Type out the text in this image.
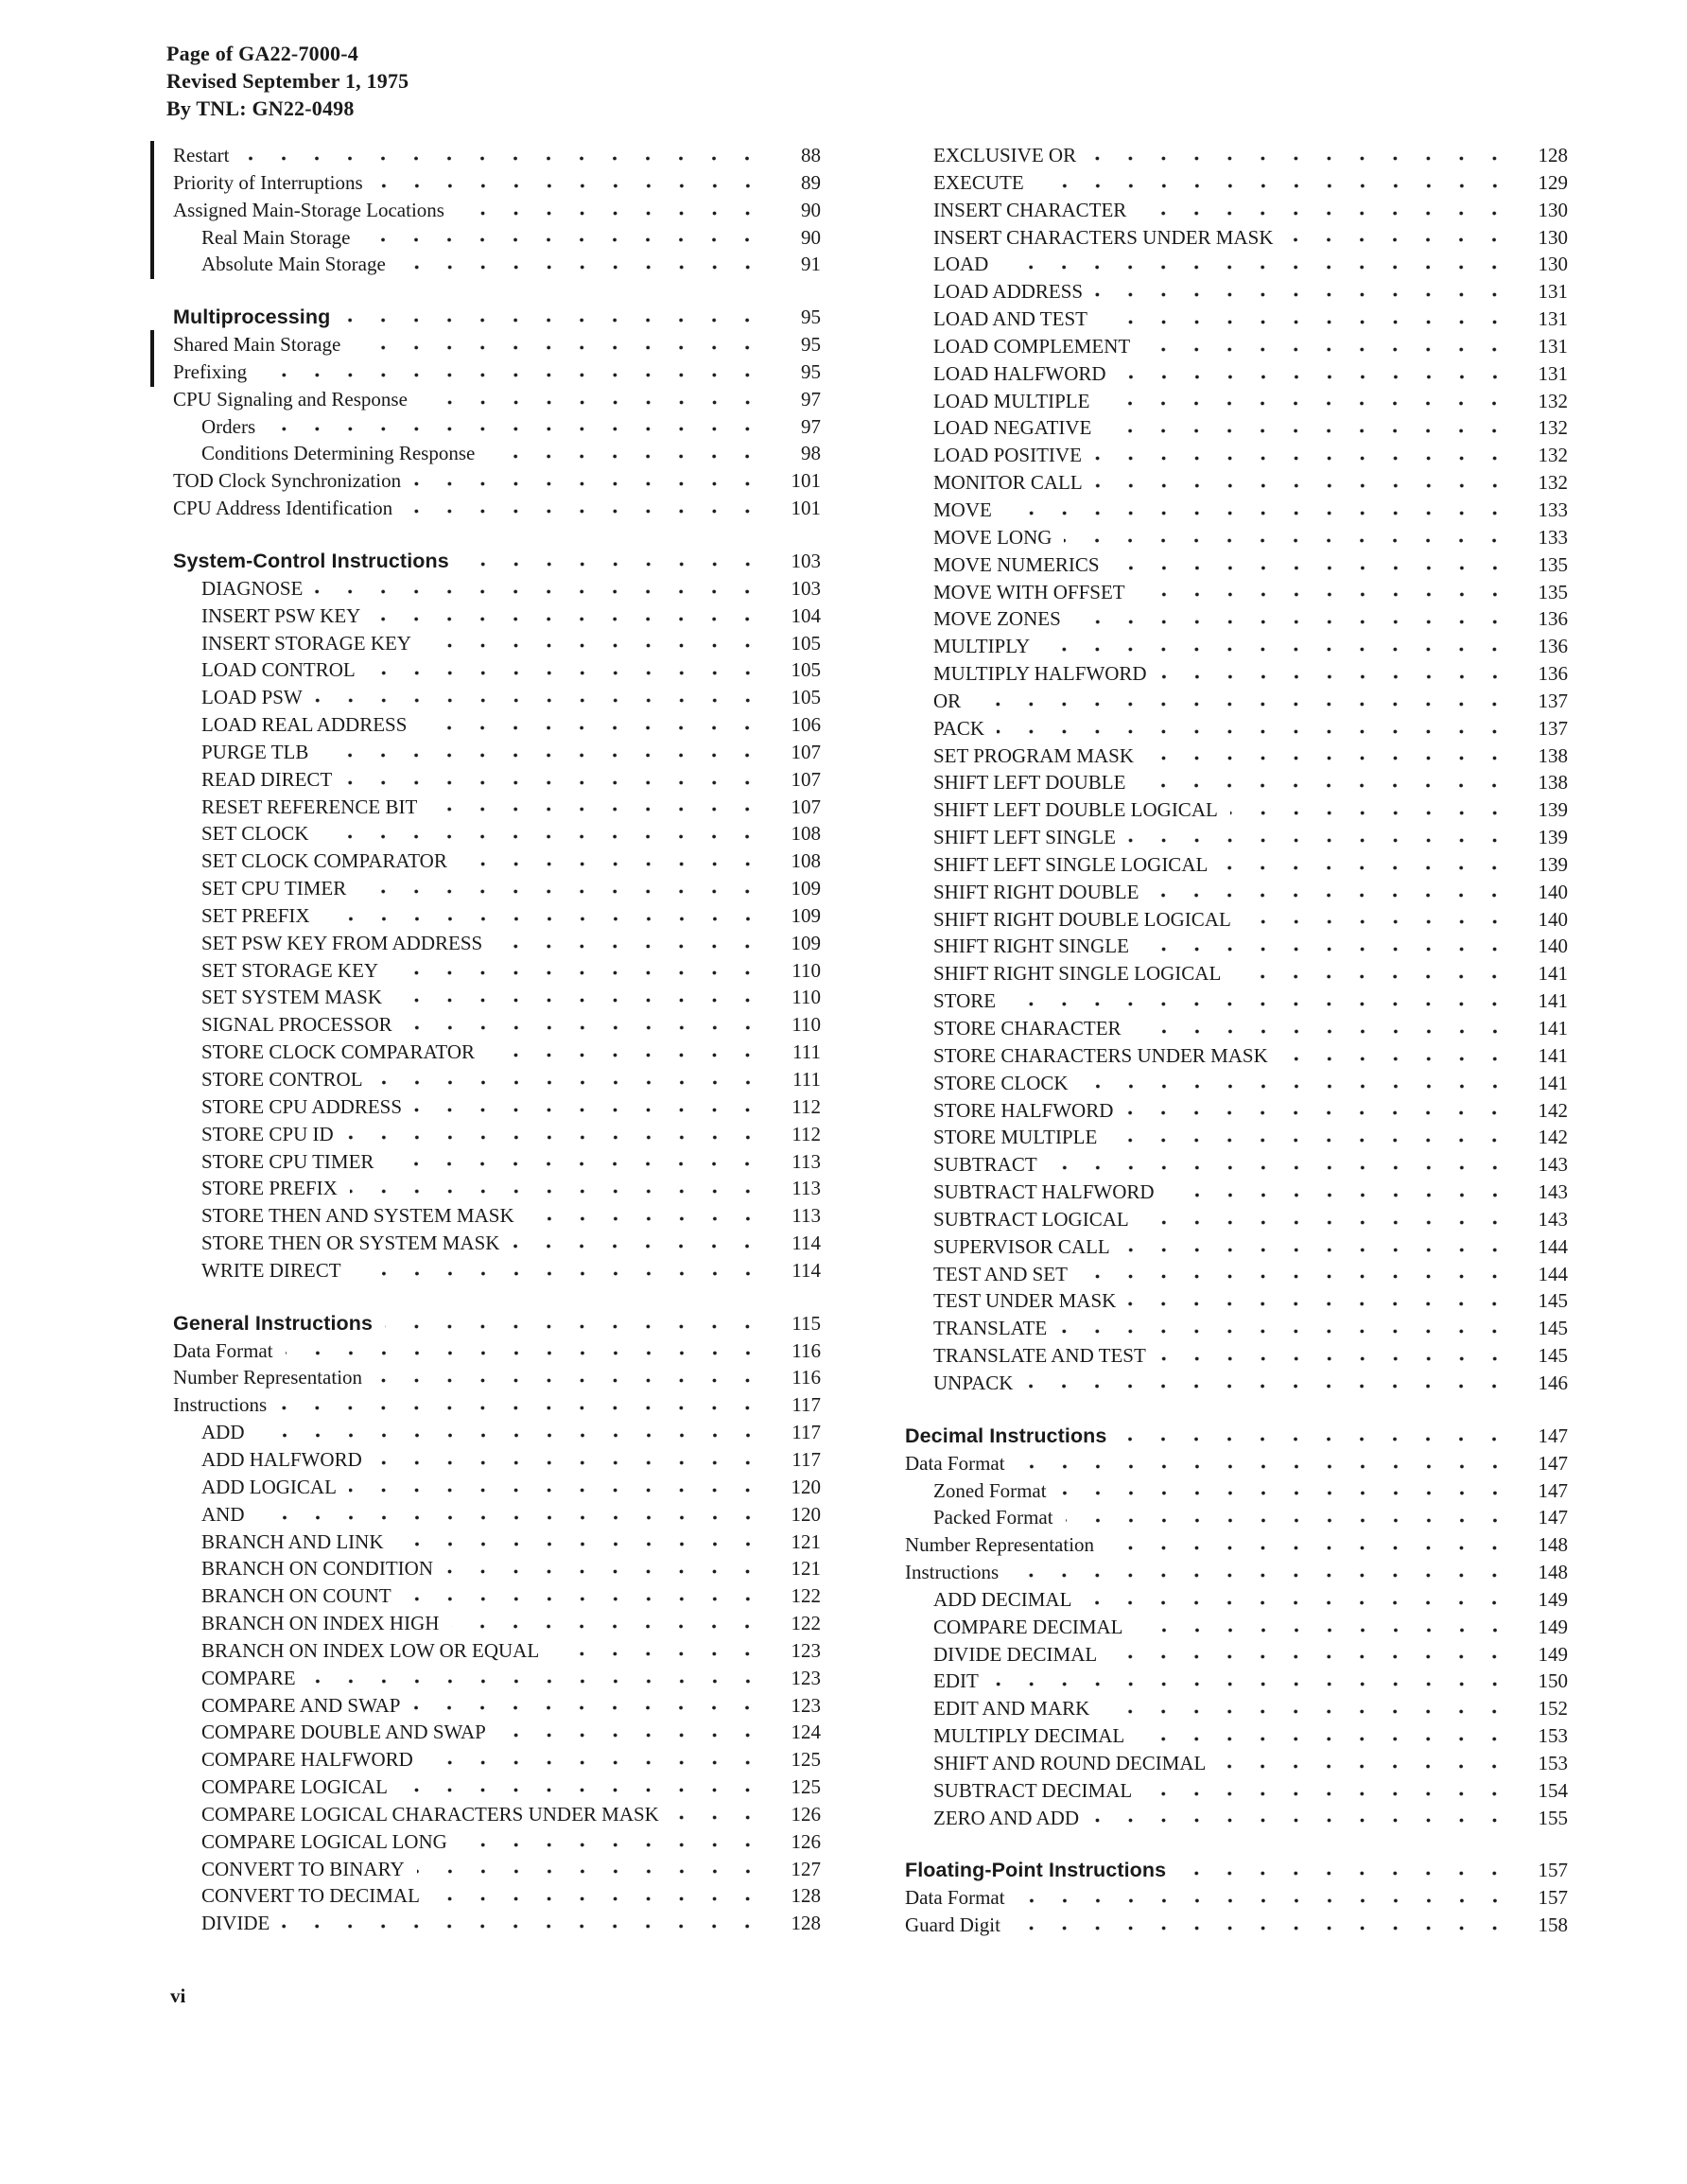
Page of GA22-7000-4
Revised September 1, 1975
By TNL: GN22-0498
Restart	88
Priority of Interruptions	89
Assigned Main-Storage Locations	90
Real Main Storage	90
Absolute Main Storage	91
Multiprocessing	95
Shared Main Storage	95
Prefixing	95
CPU Signaling and Response	97
Orders	97
Conditions Determining Response	98
TOD Clock Synchronization	101
CPU Address Identification	101
System-Control Instructions	103
DIAGNOSE	103
INSERT PSW KEY	104
INSERT STORAGE KEY	105
LOAD CONTROL	105
LOAD PSW	105
LOAD REAL ADDRESS	106
PURGE TLB	107
READ DIRECT	107
RESET REFERENCE BIT	107
SET CLOCK	108
SET CLOCK COMPARATOR	108
SET CPU TIMER	109
SET PREFIX	109
SET PSW KEY FROM ADDRESS	109
SET STORAGE KEY	110
SET SYSTEM MASK	110
SIGNAL PROCESSOR	110
STORE CLOCK COMPARATOR	111
STORE CONTROL	111
STORE CPU ADDRESS	112
STORE CPU ID	112
STORE CPU TIMER	113
STORE PREFIX	113
STORE THEN AND SYSTEM MASK	113
STORE THEN OR SYSTEM MASK	114
WRITE DIRECT	114
General Instructions	115
Data Format	116
Number Representation	116
Instructions	117
ADD	117
ADD HALFWORD	117
ADD LOGICAL	120
AND	120
BRANCH AND LINK	121
BRANCH ON CONDITION	121
BRANCH ON COUNT	122
BRANCH ON INDEX HIGH	122
BRANCH ON INDEX LOW OR EQUAL	123
COMPARE	123
COMPARE AND SWAP	123
COMPARE DOUBLE AND SWAP	124
COMPARE HALFWORD	125
COMPARE LOGICAL	125
COMPARE LOGICAL CHARACTERS UNDER MASK	126
COMPARE LOGICAL LONG	126
CONVERT TO BINARY	127
CONVERT TO DECIMAL	128
DIVIDE	128
EXCLUSIVE OR	128
EXECUTE	129
INSERT CHARACTER	130
INSERT CHARACTERS UNDER MASK	130
LOAD	130
LOAD ADDRESS	131
LOAD AND TEST	131
LOAD COMPLEMENT	131
LOAD HALFWORD	131
LOAD MULTIPLE	132
LOAD NEGATIVE	132
LOAD POSITIVE	132
MONITOR CALL	132
MOVE	133
MOVE LONG	133
MOVE NUMERICS	135
MOVE WITH OFFSET	135
MOVE ZONES	136
MULTIPLY	136
MULTIPLY HALFWORD	136
OR	137
PACK	137
SET PROGRAM MASK	138
SHIFT LEFT DOUBLE	138
SHIFT LEFT DOUBLE LOGICAL	139
SHIFT LEFT SINGLE	139
SHIFT LEFT SINGLE LOGICAL	139
SHIFT RIGHT DOUBLE	140
SHIFT RIGHT DOUBLE LOGICAL	140
SHIFT RIGHT SINGLE	140
SHIFT RIGHT SINGLE LOGICAL	141
STORE	141
STORE CHARACTER	141
STORE CHARACTERS UNDER MASK	141
STORE CLOCK	141
STORE HALFWORD	142
STORE MULTIPLE	142
SUBTRACT	143
SUBTRACT HALFWORD	143
SUBTRACT LOGICAL	143
SUPERVISOR CALL	144
TEST AND SET	144
TEST UNDER MASK	145
TRANSLATE	145
TRANSLATE AND TEST	145
UNPACK	146
Decimal Instructions	147
Data Format	147
Zoned Format	147
Packed Format	147
Number Representation	148
Instructions	148
ADD DECIMAL	149
COMPARE DECIMAL	149
DIVIDE DECIMAL	149
EDIT	150
EDIT AND MARK	152
MULTIPLY DECIMAL	153
SHIFT AND ROUND DECIMAL	153
SUBTRACT DECIMAL	154
ZERO AND ADD	155
Floating-Point Instructions	157
Data Format	157
Guard Digit	158
vi
